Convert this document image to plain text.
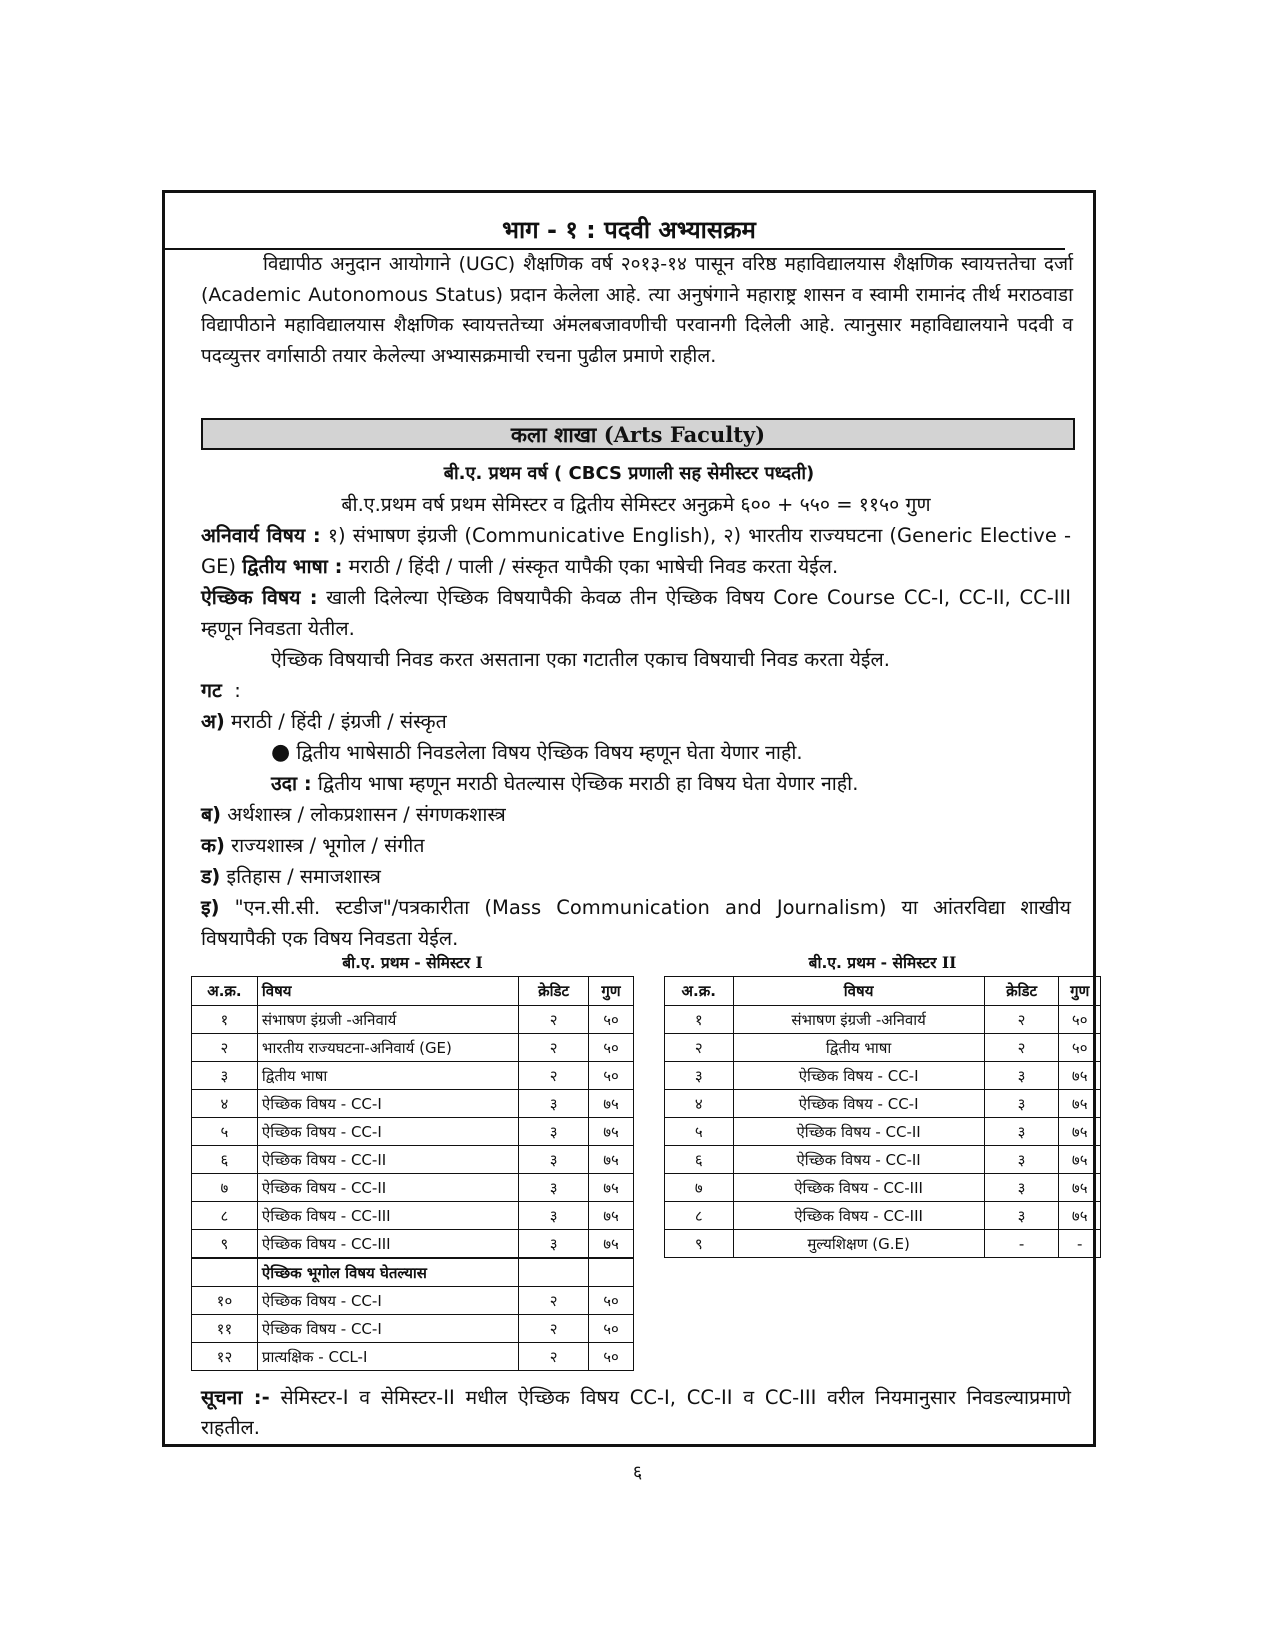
भाग - १ : पदवी अभ्यासक्रम

विद्यापीठ अनुदान आयोगाने (UGC) शैक्षणिक वर्ष २०१३-१४ पासून वरिष्ठ महाविद्यालयास शैक्षणिक स्वायत्ततेचा दर्जा (Academic Autonomous Status) प्रदान केलेला आहे. त्या अनुषंगाने महाराष्ट्र शासन व स्वामी रामानंद तीर्थ मराठवाडा विद्यापीठाने महाविद्यालयास शैक्षणिक स्वायत्ततेच्या अंमलबजावणीची परवानगी दिलेली आहे. त्यानुसार महाविद्यालयाने पदवी व पदव्युत्तर वर्गासाठी तयार केलेल्या अभ्यासक्रमाची रचना पुढील प्रमाणे राहील.

कला शाखा (Arts Faculty)
बी.ए. प्रथम वर्ष ( CBCS प्रणाली सह सेमीस्टर पध्दती)

बी.ए.प्रथम वर्ष प्रथम सेमिस्टर व द्वितीय सेमिस्टर अनुक्रमे ६०० + ५५० = ११५० गुण

अनिवार्य विषय : १) संभाषण इंग्रजी (Communicative English), २) भारतीय राज्यघटना (Generic Elective - GE) द्वितीय भाषा : मराठी / हिंदी / पाली / संस्कृत यापैकी एका भाषेची निवड करता येईल.

ऐच्छिक विषय : खाली दिलेल्या ऐच्छिक विषयापैकी केवळ तीन ऐच्छिक विषय Core Course CC-I, CC-II, CC-III म्हणून निवडता येतील.

ऐच्छिक विषयाची निवड करत असताना एका गटातील एकाच विषयाची निवड करता येईल.

गट  :

अ) मराठी / हिंदी / इंग्रजी / संस्कृत

● द्वितीय भाषेसाठी निवडलेला विषय ऐच्छिक विषय म्हणून घेता येणार नाही.

उदा : द्वितीय भाषा म्हणून मराठी घेतल्यास ऐच्छिक मराठी हा विषय घेता येणार नाही.

ब) अर्थशास्त्र / लोकप्रशासन / संगणकशास्त्र

क) राज्यशास्त्र / भूगोल / संगीत

ड) इतिहास / समाजशास्त्र

इ) "एन.सी.सी. स्टडीज"/पत्रकारीता (Mass Communication and Journalism) या आंतरविद्या शाखीय विषयापैकी एक विषय निवडता येईल.

बी.ए. प्रथम - सेमिस्टर I	बी.ए. प्रथम - सेमिस्टर II
अ.क्र.	विषय	क्रेडिट	गुण
१	संभाषण इंग्रजी -अनिवार्य	२	५०
२	भारतीय राज्यघटना-अनिवार्य (GE)	२	५०
३	द्वितीय भाषा	२	५०
४	ऐच्छिक विषय - CC-I	३	७५
५	ऐच्छिक विषय - CC-I	३	७५
६	ऐच्छिक विषय - CC-II	३	७५
७	ऐच्छिक विषय - CC-II	३	७५
८	ऐच्छिक विषय - CC-III	३	७५
९	ऐच्छिक विषय - CC-III	३	७५
	ऐच्छिक भूगोल विषय घेतल्यास		
१०	ऐच्छिक विषय - CC-I	२	५०
११	ऐच्छिक विषय - CC-I	२	५०
१२	प्रात्यक्षिक - CCL-I	२	५०
अ.क्र.	विषय	क्रेडिट	गुण
१	संभाषण इंग्रजी -अनिवार्य	२	५०
२	द्वितीय भाषा	२	५०
३	ऐच्छिक विषय - CC-I	३	७५
४	ऐच्छिक विषय - CC-I	३	७५
५	ऐच्छिक विषय - CC-II	३	७५
६	ऐच्छिक विषय - CC-II	३	७५
७	ऐच्छिक विषय - CC-III	३	७५
८	ऐच्छिक विषय - CC-III	३	७५
९	मुल्यशिक्षण (G.E)	-	-

सूचना :- सेमिस्टर-I व सेमिस्टर-II मधील ऐच्छिक विषय CC-I, CC-II व CC-III वरील नियमानुसार निवडल्याप्रमाणे राहतील.

६
